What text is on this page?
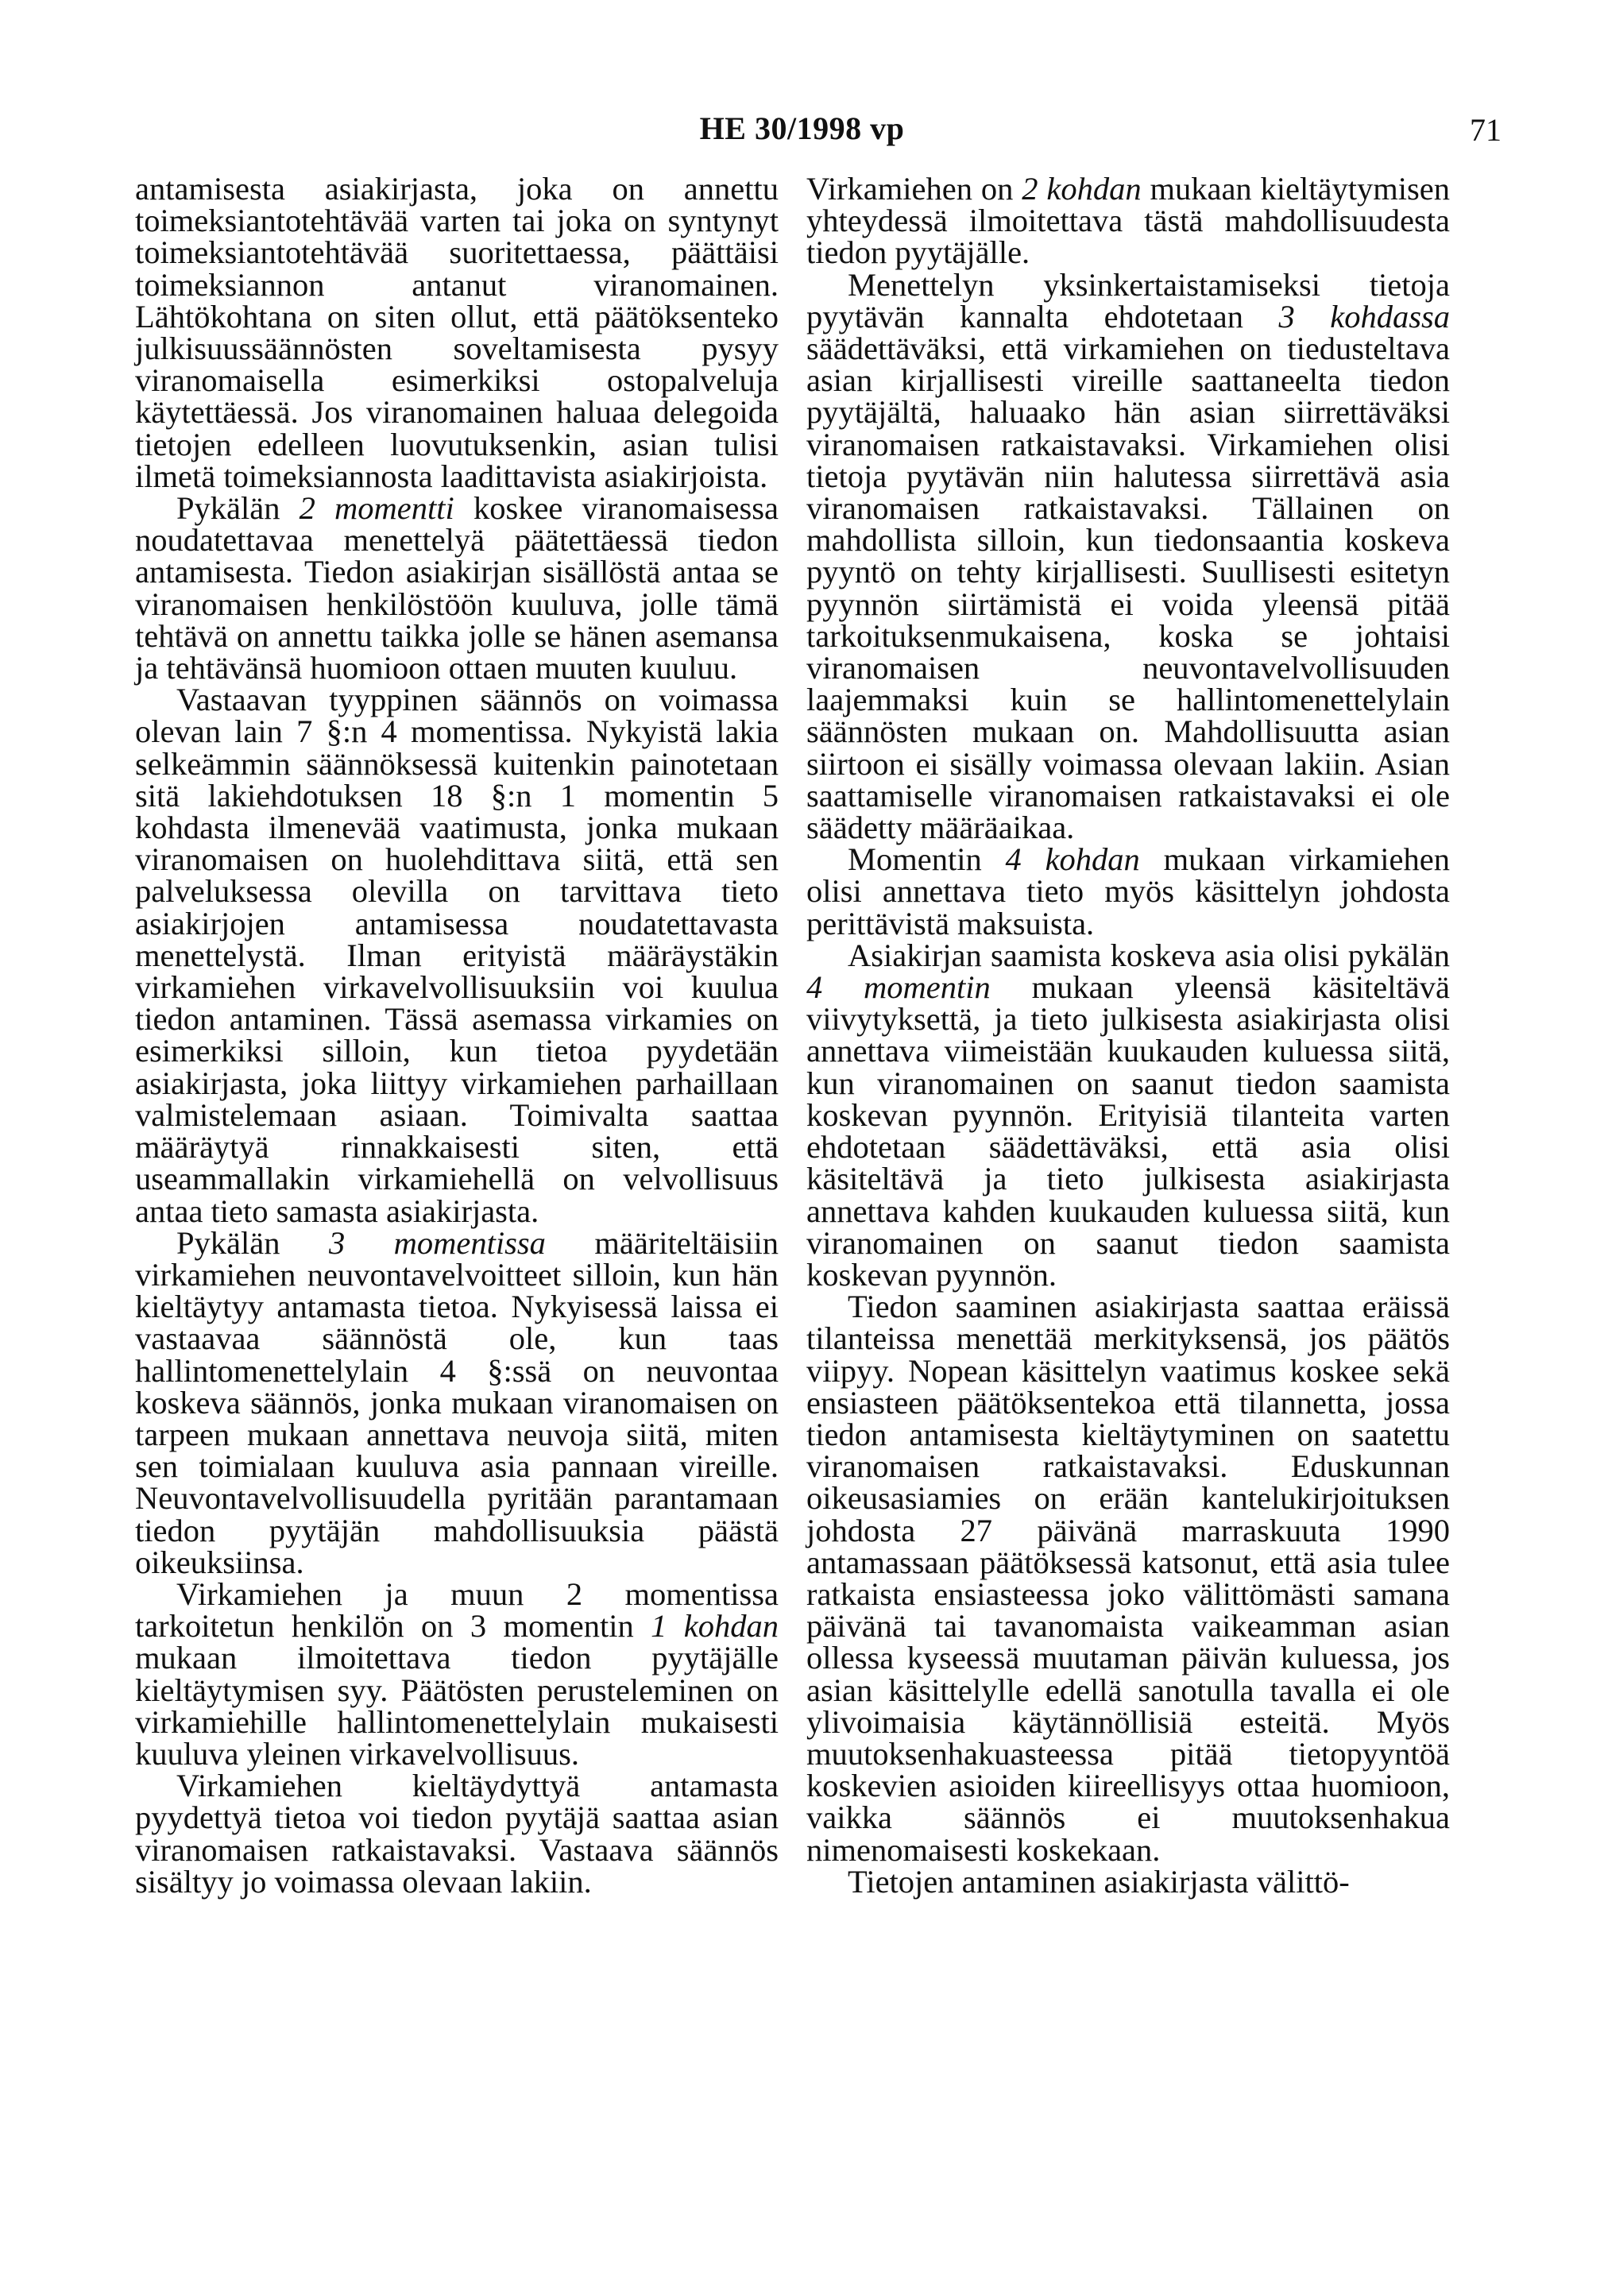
HE 30/1998 vp	71

antamisesta asiakirjasta, joka on annettu toimeksiantotehtävää varten tai joka on syntynyt toimeksiantotehtävää suoritettaessa, päättäisi toimeksiannon antanut viranomainen. Lähtökohtana on siten ollut, että päätöksenteko julkisuussäännösten soveltamisesta pysyy viranomaisella esimerkiksi ostopalveluja käytettäessä. Jos viranomainen haluaa delegoida tietojen edelleen luovutuksenkin, asian tulisi ilmetä toimeksiannosta laadittavista asiakirjoista.

Pykälän 2 momentti koskee viranomaisessa noudatettavaa menettelyä päätettäessä tiedon antamisesta. Tiedon asiakirjan sisällöstä antaa se viranomaisen henkilöstöön kuuluva, jolle tämä tehtävä on annettu taikka jolle se hänen asemansa ja tehtävänsä huomioon ottaen muuten kuuluu.

Vastaavan tyyppinen säännös on voimassa olevan lain 7 §:n 4 momentissa. Nykyistä lakia selkeämmin säännöksessä kuitenkin painotetaan sitä lakiehdotuksen 18 §:n 1 momentin 5 kohdasta ilmenevää vaatimusta, jonka mukaan viranomaisen on huolehdittava siitä, että sen palveluksessa olevilla on tarvittava tieto asiakirjojen antamisessa noudatettavasta menettelystä. Ilman erityistä määräystäkin virkamiehen virkavelvollisuuksiin voi kuulua tiedon antaminen. Tässä asemassa virkamies on esimerkiksi silloin, kun tietoa pyydetään asiakirjasta, joka liittyy virkamiehen parhaillaan valmistelemaan asiaan. Toimivalta saattaa määräytyä rinnakkaisesti siten, että useammallakin virkamiehellä on velvollisuus antaa tieto samasta asiakirjasta.

Pykälän 3 momentissa määriteltäisiin virkamiehen neuvontavelvoitteet silloin, kun hän kieltäytyy antamasta tietoa. Nykyisessä laissa ei vastaavaa säännöstä ole, kun taas hallintomenettelylain 4 §:ssä on neuvontaa koskeva säännös, jonka mukaan viranomaisen on tarpeen mukaan annettava neuvoja siitä, miten sen toimialaan kuuluva asia pannaan vireille. Neuvontavelvollisuudella pyritään parantamaan tiedon pyytäjän mahdollisuuksia päästä oikeuksiinsa.

Virkamiehen ja muun 2 momentissa tarkoitetun henkilön on 3 momentin 1 kohdan mukaan ilmoitettava tiedon pyytäjälle kieltäytymisen syy. Päätösten perusteleminen on virkamiehille hallintomenettelylain mukaisesti kuuluva yleinen virkavelvollisuus.

Virkamiehen kieltäydyttyä antamasta pyydettyä tietoa voi tiedon pyytäjä saattaa asian viranomaisen ratkaistavaksi. Vastaava säännös sisältyy jo voimassa olevaan lakiin.

Virkamiehen on 2 kohdan mukaan kieltäytymisen yhteydessä ilmoitettava tästä mahdollisuudesta tiedon pyytäjälle.

Menettelyn yksinkertaistamiseksi tietoja pyytävän kannalta ehdotetaan 3 kohdassa säädettäväksi, että virkamiehen on tiedusteltava asian kirjallisesti vireille saattaneelta tiedon pyytäjältä, haluaako hän asian siirrettäväksi viranomaisen ratkaistavaksi. Virkamiehen olisi tietoja pyytävän niin halutessa siirrettävä asia viranomaisen ratkaistavaksi. Tällainen on mahdollista silloin, kun tiedonsaantia koskeva pyyntö on tehty kirjallisesti. Suullisesti esitetyn pyynnön siirtämistä ei voida yleensä pitää tarkoituksenmukaisena, koska se johtaisi viranomaisen neuvontavelvollisuuden laajemmaksi kuin se hallintomenettelylain säännösten mukaan on. Mahdollisuutta asian siirtoon ei sisälly voimassa olevaan lakiin. Asian saattamiselle viranomaisen ratkaistavaksi ei ole säädetty määräaikaa.

Momentin 4 kohdan mukaan virkamiehen olisi annettava tieto myös käsittelyn johdosta perittävistä maksuista.

Asiakirjan saamista koskeva asia olisi pykälän 4 momentin mukaan yleensä käsiteltävä viivytyksettä, ja tieto julkisesta asiakirjasta olisi annettava viimeistään kuukauden kuluessa siitä, kun viranomainen on saanut tiedon saamista koskevan pyynnön. Erityisiä tilanteita varten ehdotetaan säädettäväksi, että asia olisi käsiteltävä ja tieto julkisesta asiakirjasta annettava kahden kuukauden kuluessa siitä, kun viranomainen on saanut tiedon saamista koskevan pyynnön.

Tiedon saaminen asiakirjasta saattaa eräissä tilanteissa menettää merkityksensä, jos päätös viipyy. Nopean käsittelyn vaatimus koskee sekä ensiasteen päätöksentekoa että tilannetta, jossa tiedon antamisesta kieltäytyminen on saatettu viranomaisen ratkaistavaksi. Eduskunnan oikeusasiamies on erään kantelukirjoituksen johdosta 27 päivänä marraskuuta 1990 antamassaan päätöksessä katsonut, että asia tulee ratkaista ensiasteessa joko välittömästi samana päivänä tai tavanomaista vaikeamman asian ollessa kyseessä muutaman päivän kuluessa, jos asian käsittelylle edellä sanotulla tavalla ei ole ylivoimaisia käytännöllisiä esteitä. Myös muutoksenhakuasteessa pitää tietopyyntöä koskevien asioiden kiireellisyys ottaa huomioon, vaikka säännös ei muutoksenhakua nimenomaisesti koskekaan.

Tietojen antaminen asiakirjasta välittö-
